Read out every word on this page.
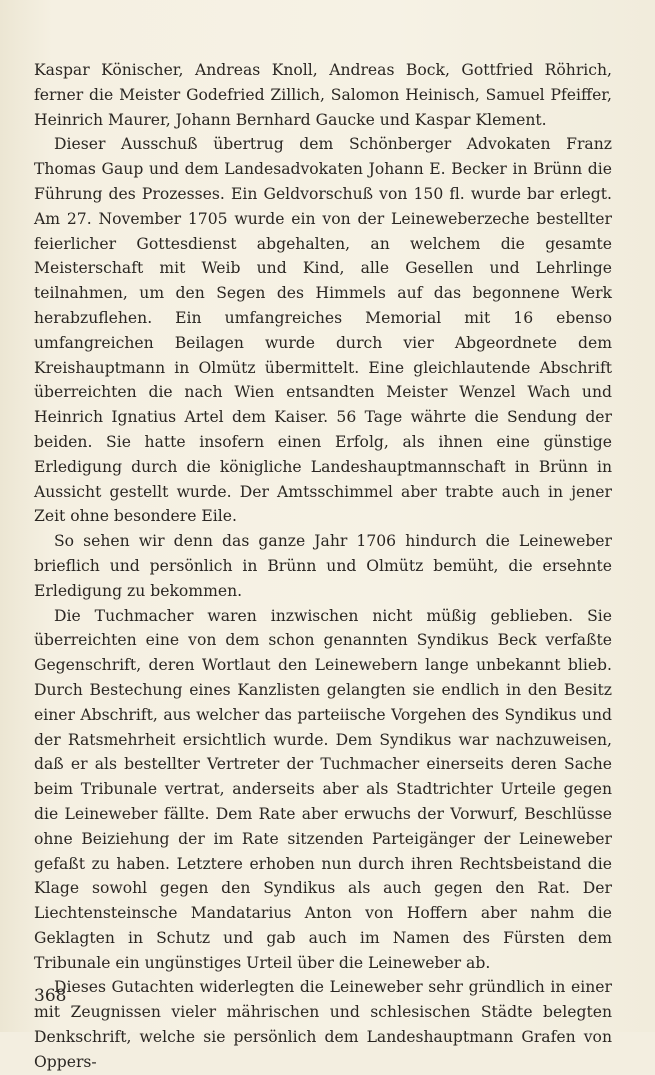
Kaspar Könischer, Andreas Knoll, Andreas Bock, Gottfried Röhrich, ferner die Meister Godefried Zillich, Salomon Heinisch, Samuel Pfeiffer, Heinrich Maurer, Johann Bernhard Gaucke und Kaspar Klement.

Dieser Ausschuß übertrug dem Schönberger Advokaten Franz Thomas Gaup und dem Landesadvokaten Johann E. Becker in Brünn die Führung des Prozesses. Ein Geldvorschuß von 150 fl. wurde bar erlegt. Am 27. November 1705 wurde ein von der Leineweberzeche bestellter feierlicher Gottesdienst abgehalten, an welchem die gesamte Meisterschaft mit Weib und Kind, alle Gesellen und Lehrlinge teilnahmen, um den Segen des Himmels auf das begonnene Werk herabzuflehen. Ein umfangreiches Memorial mit 16 ebenso umfangreichen Beilagen wurde durch vier Abgeordnete dem Kreishauptmann in Olmütz übermittelt. Eine gleichlautende Abschrift überreichten die nach Wien entsandten Meister Wenzel Wach und Heinrich Ignatius Artel dem Kaiser. 56 Tage währte die Sendung der beiden. Sie hatte insofern einen Erfolg, als ihnen eine günstige Erledigung durch die königliche Landeshauptmannschaft in Brünn in Aussicht gestellt wurde. Der Amtsschimmel aber trabte auch in jener Zeit ohne besondere Eile.

So sehen wir denn das ganze Jahr 1706 hindurch die Leineweber brieflich und persönlich in Brünn und Olmütz bemüht, die ersehnte Erledigung zu bekommen.

Die Tuchmacher waren inzwischen nicht müßig geblieben. Sie überreichten eine von dem schon genannten Syndikus Beck verfaßte Gegenschrift, deren Wortlaut den Leinewebern lange unbekannt blieb. Durch Bestechung eines Kanzlisten gelangten sie endlich in den Besitz einer Abschrift, aus welcher das parteiische Vorgehen des Syndikus und der Ratsmehrheit ersichtlich wurde. Dem Syndikus war nachzuweisen, daß er als bestellter Vertreter der Tuchmacher einerseits deren Sache beim Tribunale vertrat, anderseits aber als Stadtrichter Urteile gegen die Leineweber fällte. Dem Rate aber erwuchs der Vorwurf, Beschlüsse ohne Beiziehung der im Rate sitzenden Parteigänger der Leineweber gefaßt zu haben. Letztere erhoben nun durch ihren Rechtsbeistand die Klage sowohl gegen den Syndikus als auch gegen den Rat. Der Liechtensteinsche Mandatarius Anton von Hoffern aber nahm die Geklagten in Schutz und gab auch im Namen des Fürsten dem Tribunale ein ungünstiges Urteil über die Leineweber ab.

Dieses Gutachten widerlegten die Leineweber sehr gründlich in einer mit Zeugnissen vieler mährischen und schlesischen Städte belegten Denkschrift, welche sie persönlich dem Landeshauptmann Grafen von Oppers-

368
